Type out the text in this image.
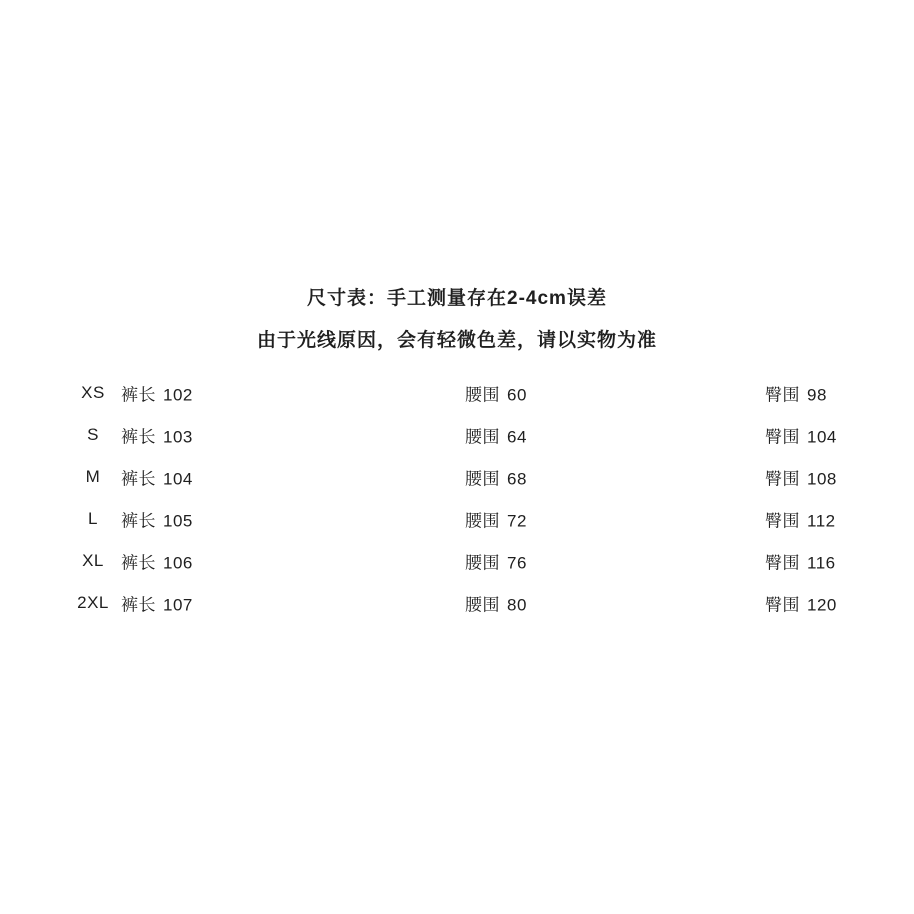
尺寸表：手工测量存在2-4cm误差
由于光线原因，会有轻微色差，请以实物为准
XS 裤长 102	腰围 60	臀围 98
S	裤长 103	腰围 64	臀围 104
M	裤长 104	腰围 68	臀围 108
L	裤长 105	腰围 72	臀围 112
XL	裤长 106	腰围 76	臀围 116
2XL 裤长 107	腰围 80	臀围 120
